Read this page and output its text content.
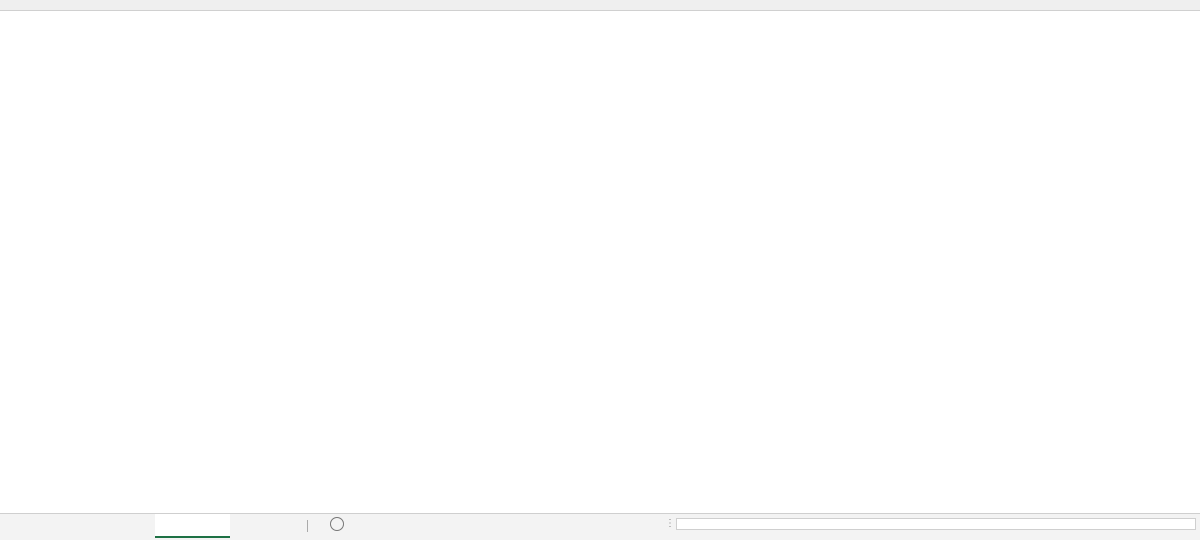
⋮
